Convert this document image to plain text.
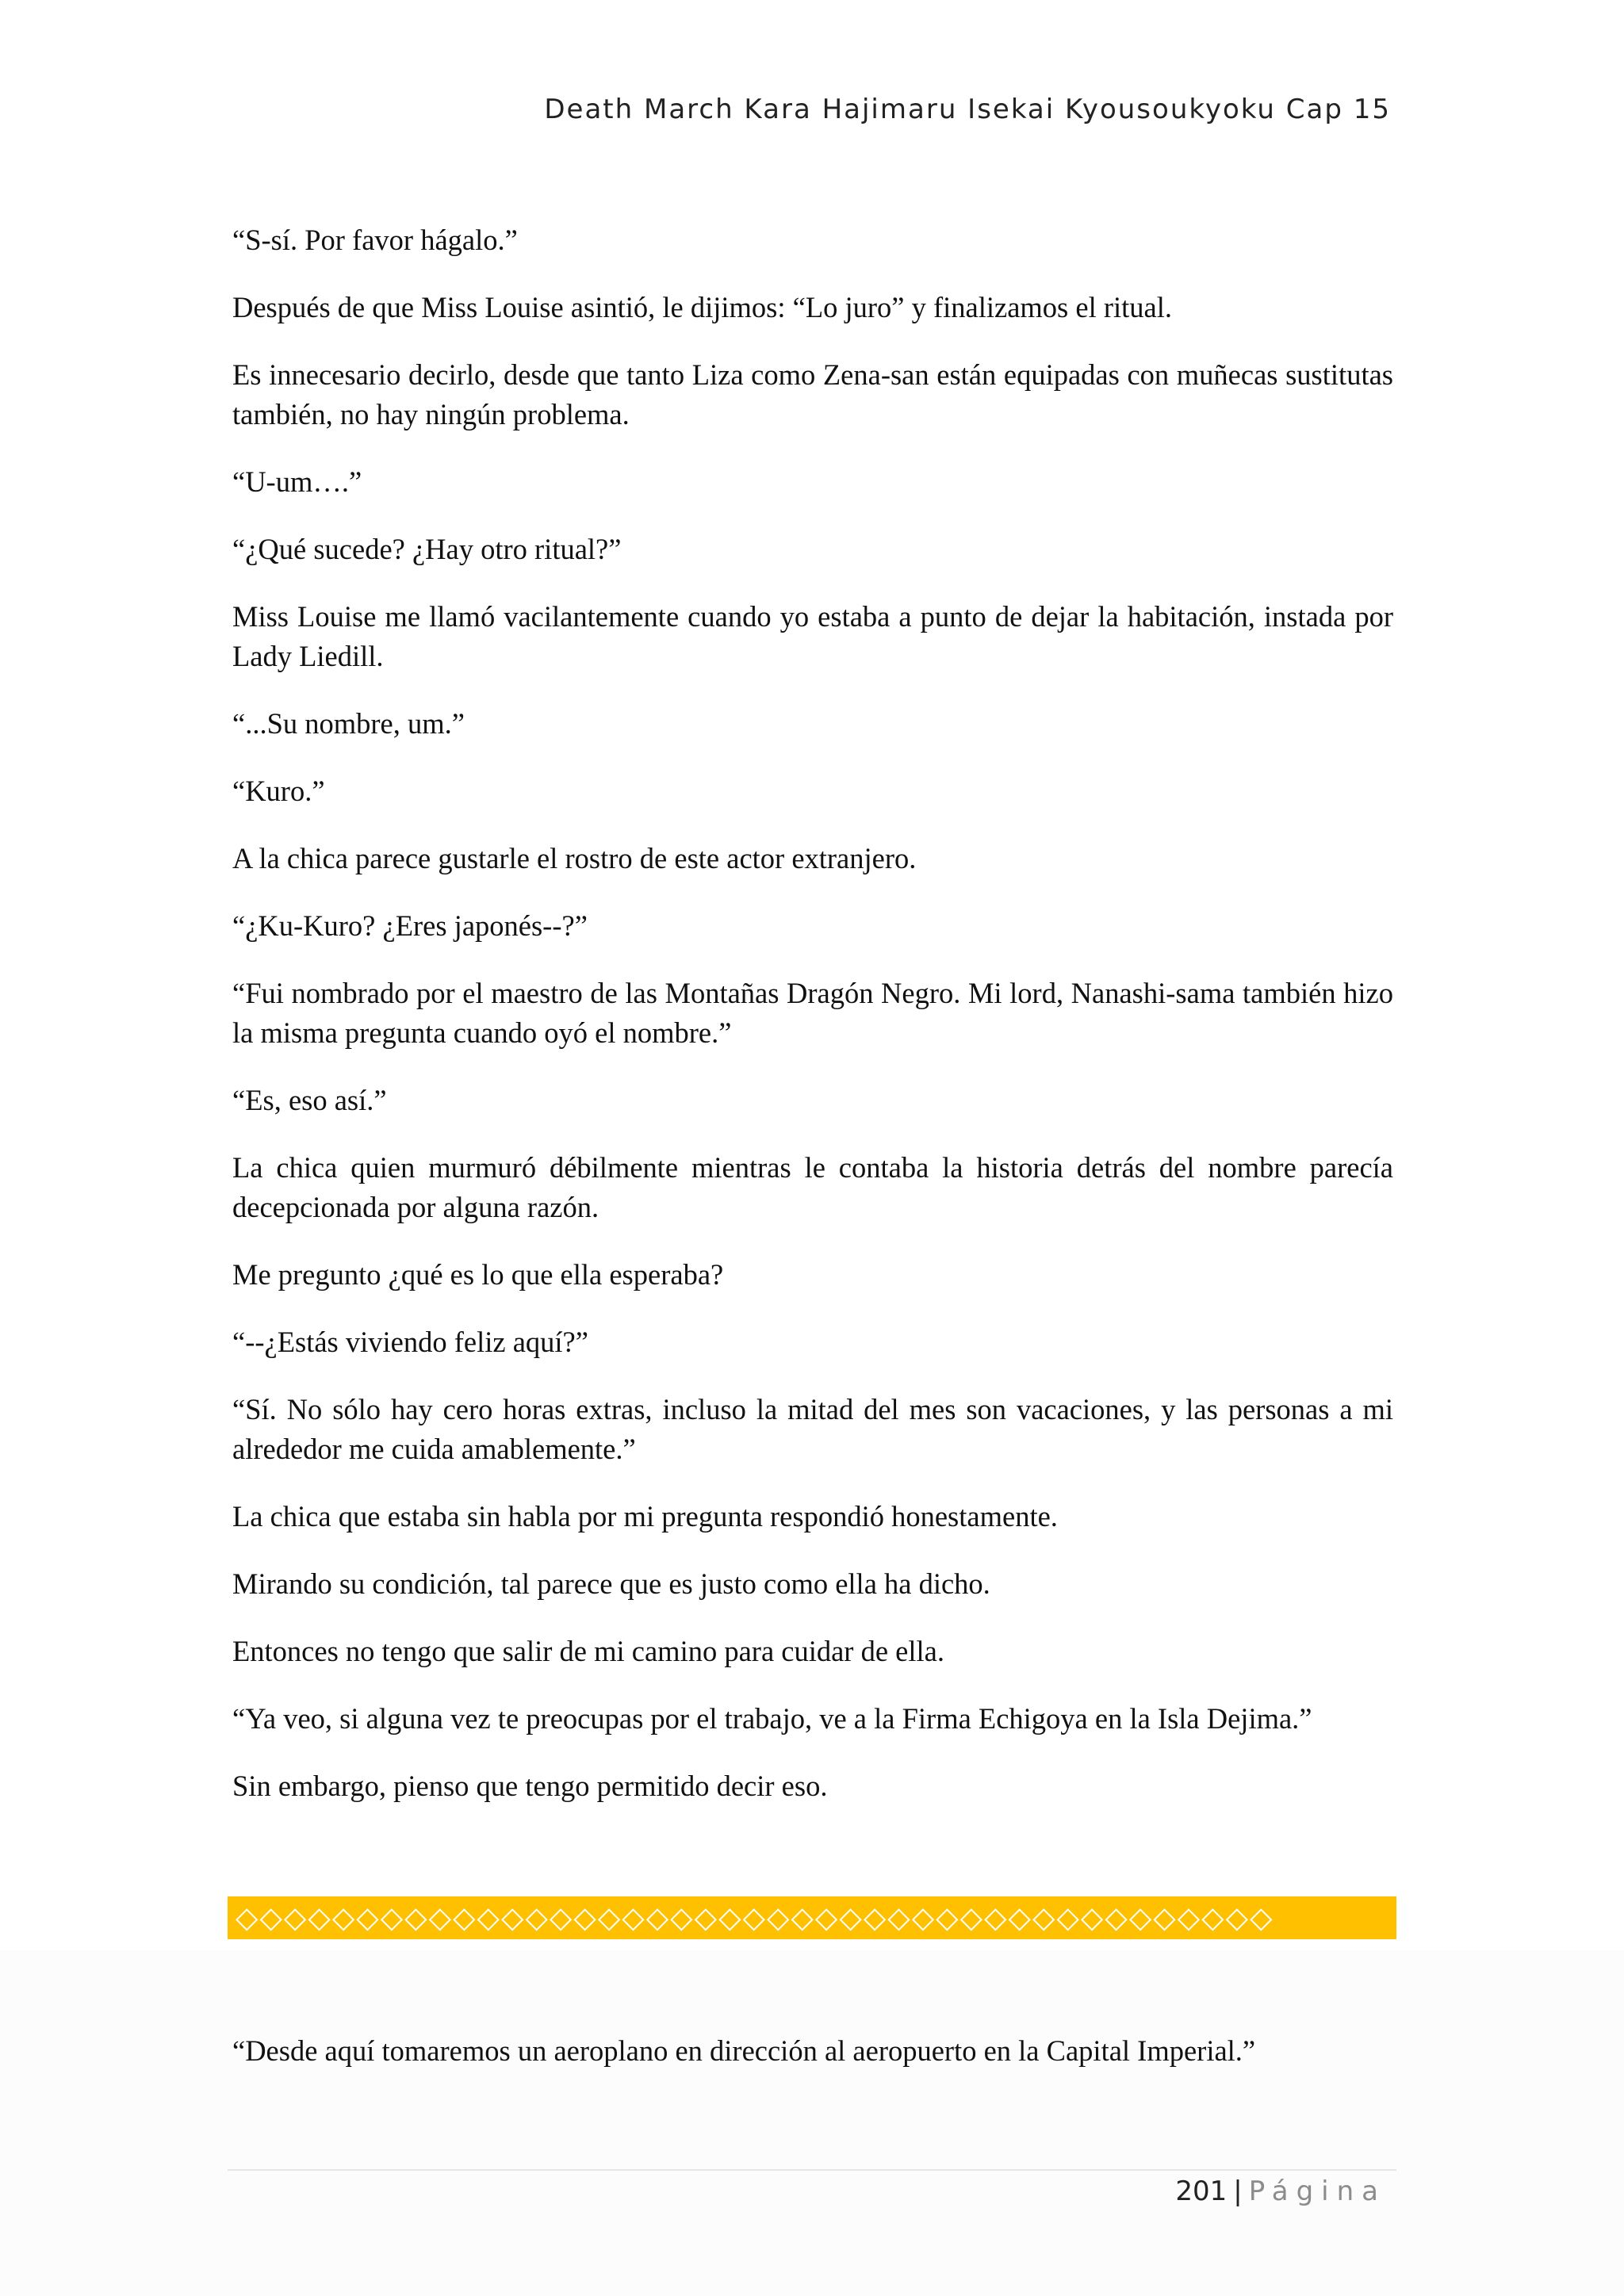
Death March Kara Hajimaru Isekai Kyousoukyoku Cap 15

“S-sí. Por favor hágalo.”

Después de que Miss Louise asintió, le dijimos: “Lo juro” y finalizamos el ritual.

Es innecesario decirlo, desde que tanto Liza como Zena-san están equipadas con muñecas sustitutas también, no hay ningún problema.

“U-um….”

“¿Qué sucede? ¿Hay otro ritual?”

Miss Louise me llamó vacilantemente cuando yo estaba a punto de dejar la habitación, instada por Lady Liedill.

“...Su nombre, um.”

“Kuro.”

A la chica parece gustarle el rostro de este actor extranjero.

“¿Ku-Kuro? ¿Eres japonés--?”

“Fui nombrado por el maestro de las Montañas Dragón Negro. Mi lord, Nanashi-sama también hizo la misma pregunta cuando oyó el nombre.”

“Es, eso así.”

La chica quien murmuró débilmente mientras le contaba la historia detrás del nombre parecía decepcionada por alguna razón.

Me pregunto ¿qué es lo que ella esperaba?

“--¿Estás viviendo feliz aquí?”

“Sí. No sólo hay cero horas extras, incluso la mitad del mes son vacaciones, y las personas a mi alrededor me cuida amablemente.”

La chica que estaba sin habla por mi pregunta respondió honestamente.

Mirando su condición, tal parece que es justo como ella ha dicho.

Entonces no tengo que salir de mi camino para cuidar de ella.

“Ya veo, si alguna vez te preocupas por el trabajo, ve a la Firma Echigoya en la Isla Dejima.”

Sin embargo, pienso que tengo permitido decir eso.

◇◇◇◇◇◇◇◇◇◇◇◇◇◇◇◇◇◇◇◇◇◇◇◇◇◇◇◇◇◇◇◇◇◇◇◇◇◇◇◇◇◇◇

“Desde aquí tomaremos un aeroplano en dirección al aeropuerto en la Capital Imperial.”

201 | Página
